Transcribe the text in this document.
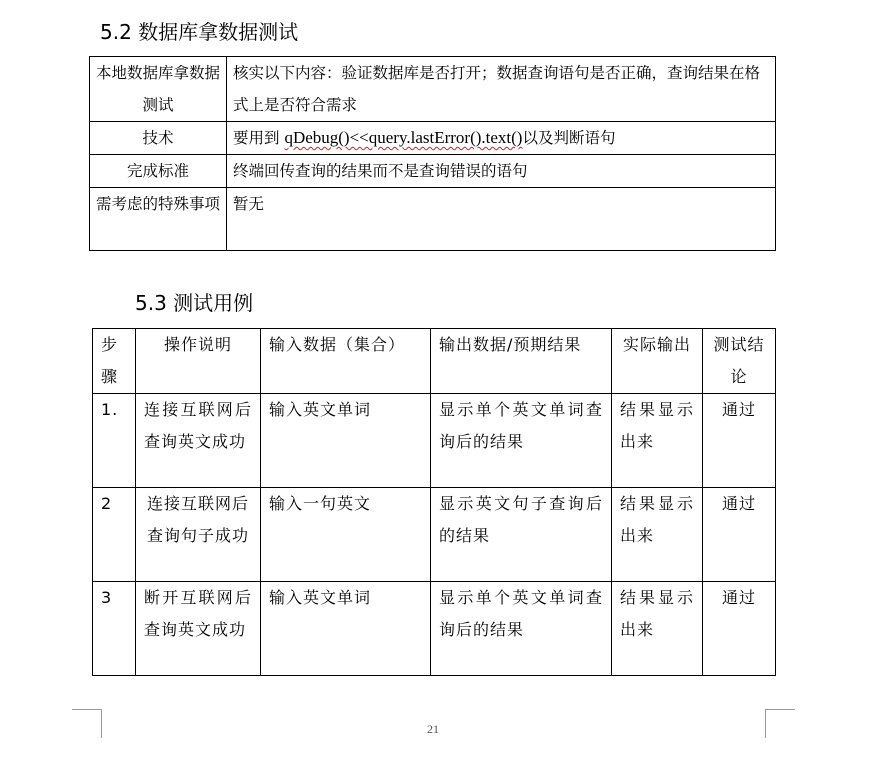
5.2 数据库拿数据测试
本地数据库拿数据测试	核实以下内容：验证数据库是否打开；数据查询语句是否正确，查询结果在格式上是否符合需求
技术	要用到 qDebug()<<query.lastError().text()以及判断语句
完成标准	终端回传查询的结果而不是查询错误的语句
需考虑的特殊事项	暂无
5.3 测试用例
步骤	操作说明	输入数据（集合）	输出数据/预期结果	实际输出	测试结论
1.	连接互联网后查询英文成功	输入英文单词	显示单个英文单词查询后的结果	结果显示出来	通过
2	连接互联网后查询句子成功	输入一句英文	显示英文句子查询后的结果	结果显示出来	通过
3	断开互联网后查询英文成功	输入英文单词	显示单个英文单词查询后的结果	结果显示出来	通过
21
